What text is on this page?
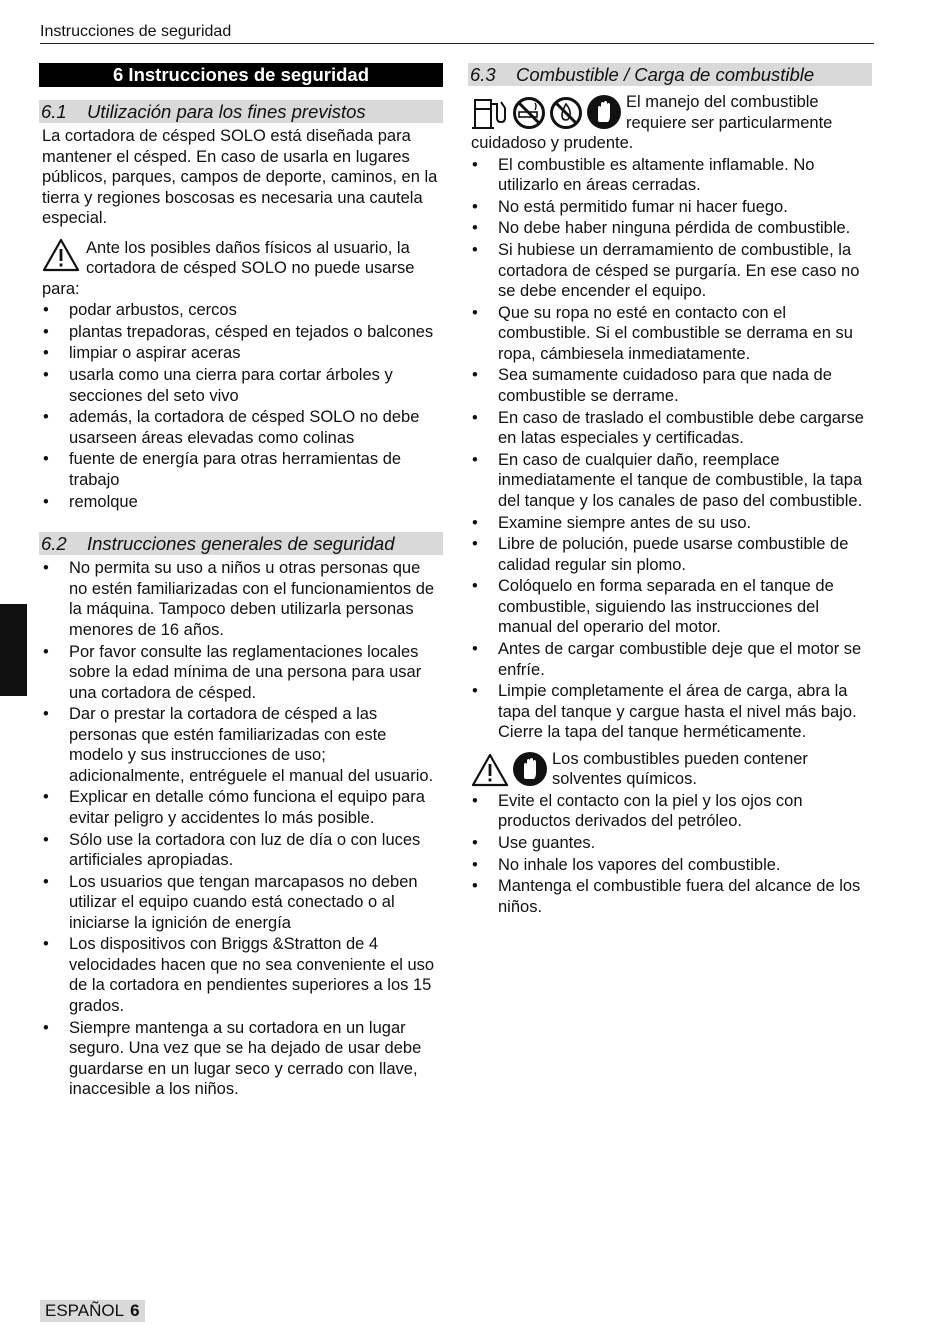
Instrucciones de seguridad
6 Instrucciones de seguridad
6.1 Utilización para los fines previstos

La cortadora de césped SOLO está diseñada para mantener el césped. En caso de usarla en lugares públicos, parques, campos de deporte, caminos, en la tierra y regiones boscosas es necesaria una cautela especial.

Ante los posibles daños físicos al usuario, la cortadora de césped SOLO no puede usarse para:
• podar arbustos, cercos
• plantas trepadoras, césped en tejados o balcones
• limpiar o aspirar aceras
• usarla como una cierra para cortar árboles y secciones del seto vivo
• además, la cortadora de césped SOLO no debe usarseen áreas elevadas como colinas
• fuente de energía para otras herramientas de trabajo
• remolque
6.2 Instrucciones generales de seguridad
• No permita su uso a niños u otras personas que no estén familiarizadas con el funcionamientos de la máquina. Tampoco deben utilizarla personas menores de 16 años.
• Por favor consulte las reglamentaciones locales sobre la edad mínima de una persona para usar una cortadora de césped.
• Dar o prestar la cortadora de césped a las personas que estén familiarizadas con este modelo y sus instrucciones de uso; adicionalmente, entréguele el manual del usuario.
• Explicar en detalle cómo funciona el equipo para evitar peligro y accidentes lo más posible.
• Sólo use la cortadora con luz de día o con luces artificiales apropiadas.
• Los usuarios que tengan marcapasos no deben utilizar el equipo cuando está conectado o al iniciarse la ignición de energía
• Los dispositivos con Briggs &Stratton de 4 velocidades hacen que no sea conveniente el uso de la cortadora en pendientes superiores a los 15 grados.
• Siempre mantenga a su cortadora en un lugar seguro. Una vez que se ha dejado de usar debe guardarse en un lugar seco y cerrado con llave, inaccesible a los niños.
6.3 Combustible / Carga de combustible
El manejo del combustible requiere ser particularmente cuidadoso y prudente.
• El combustible es altamente inflamable. No utilizarlo en áreas cerradas.
• No está permitido fumar ni hacer fuego.
• No debe haber ninguna pérdida de combustible.
• Si hubiese un derramamiento de combustible, la cortadora de césped se purgaría. En ese caso no se debe encender el equipo.
• Que su ropa no esté en contacto con el combustible. Si el combustible se derrama en su ropa, cámbiesela inmediatamente.
• Sea sumamente cuidadoso para que nada de combustible se derrame.
• En caso de traslado el combustible debe cargarse en latas especiales y certificadas.
• En caso de cualquier daño, reemplace inmediatamente el tanque de combustible, la tapa del tanque y los canales de paso del combustible.
• Examine siempre antes de su uso.
• Libre de polución, puede usarse combustible de calidad regular sin plomo.
• Colóquelo en forma separada en el tanque de combustible, siguiendo las instrucciones del manual del operario del motor.
• Antes de cargar combustible deje que el motor se enfríe.
• Limpie completamente el área de carga, abra la tapa del tanque y cargue hasta el nivel más bajo. Cierre la tapa del tanque herméticamente.
Los combustibles pueden contener solventes químicos.
• Evite el contacto con la piel y los ojos con productos derivados del petróleo.
• Use guantes.
• No inhale los vapores del combustible.
• Mantenga el combustible fuera del alcance de los niños.
ESPAÑOL 6
